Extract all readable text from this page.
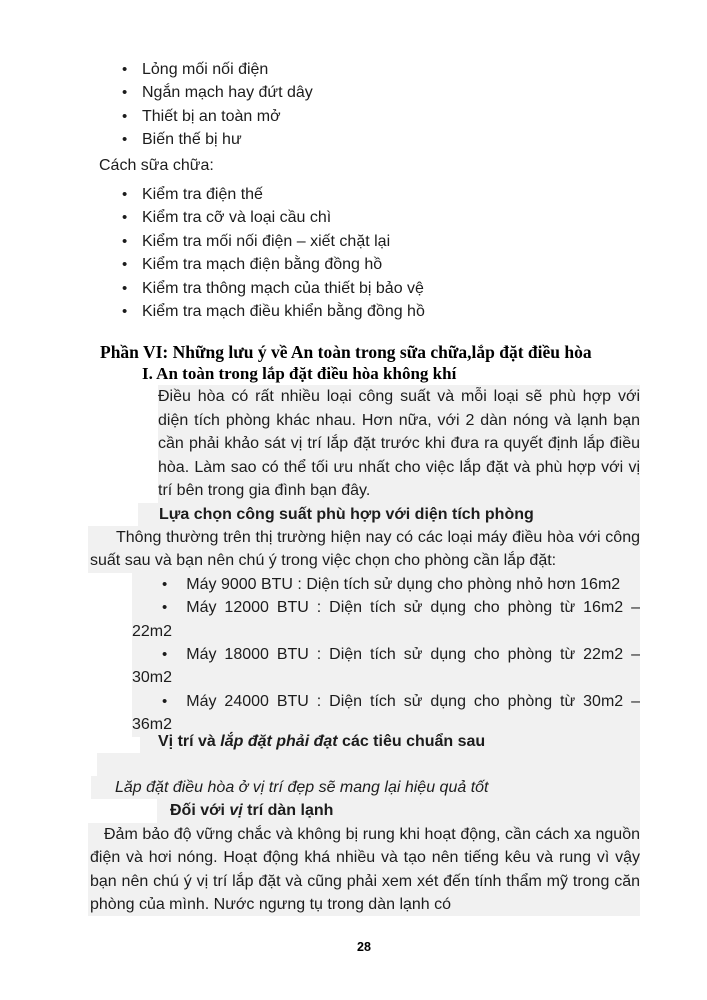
• Lỏng mối nối điện
• Ngắn mạch hay đứt dây
• Thiết bị an toàn mở
• Biến thế bị hư
Cách sữa chữa:
• Kiểm tra điện thế
• Kiểm tra cỡ và loại cầu chì
• Kiểm tra mối nối điện – xiết chặt lại
• Kiểm tra mạch điện bằng đồng hồ
• Kiểm tra thông mạch của thiết bị bảo vệ
• Kiểm tra mạch điều khiển bằng đồng hồ
Phần VI: Những lưu ý về An toàn trong sữa chữa,lắp đặt điều hòa
I. An toàn trong lắp đặt điều hòa không khí
Điều hòa có rất nhiều loại công suất và mỗi loại sẽ phù hợp với diện tích phòng khác nhau. Hơn nữa, với 2 dàn nóng và lạnh bạn cần phải khảo sát vị trí lắp đặt trước khi đưa ra quyết định lắp điều hòa. Làm sao có thể tối ưu nhất cho việc lắp đặt và phù hợp với vị trí bên trong gia đình bạn đây.
Lựa chọn công suất phù hợp với diện tích phòng
Thông thường trên thị trường hiện nay có các loại máy điều hòa với công suất sau và bạn nên chú ý trong việc chọn cho phòng cần lắp đặt:
• Máy 9000 BTU : Diện tích sử dụng cho phòng nhỏ hơn 16m2
• Máy 12000 BTU : Diện tích sử dụng cho phòng từ 16m2 – 22m2
• Máy 18000 BTU : Diện tích sử dụng cho phòng từ 22m2 – 30m2
• Máy 24000 BTU : Diện tích sử dụng cho phòng từ 30m2 – 36m2
Vị trí và lắp đặt phải đạt các tiêu chuẩn sau
Lăp đặt điều hòa ở vị trí đẹp sẽ mang lại hiệu quả tốt
Đối với vị trí dàn lạnh
Đảm bảo độ vững chắc và không bị rung khi hoạt động, cần cách xa nguồn điện và hơi nóng. Hoạt động khá nhiều và tạo nên tiếng kêu và rung vì vậy bạn nên chú ý vị trí lắp đặt và cũng phải xem xét đến tính thẩm mỹ trong căn phòng của mình. Nước ngưng tụ trong dàn lạnh có
28
